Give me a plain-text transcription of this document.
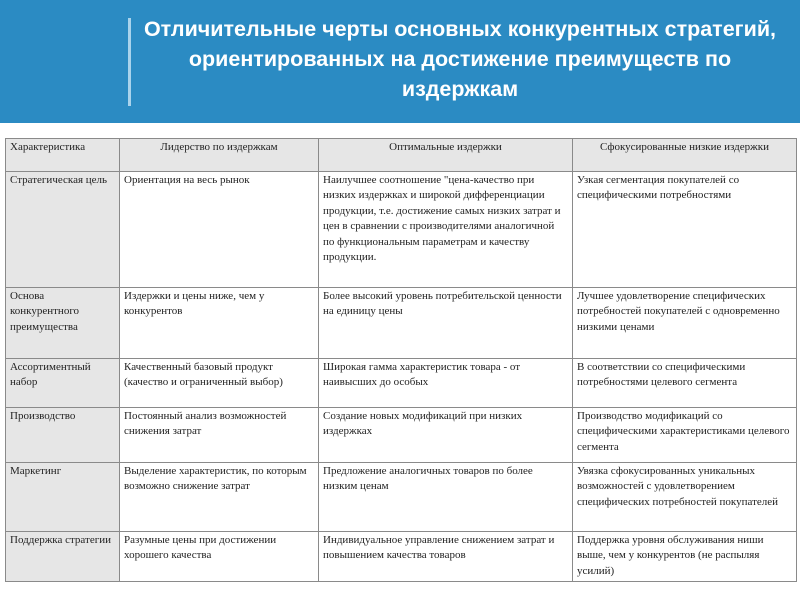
Отличительные черты основных конкурентных стратегий, ориентированных на достижение преимуществ по издержкам
Характеристика	Лидерство по издержкам	Оптимальные издержки	Сфокусированные низкие издержки
Стратегическая цель	Ориентация на весь рынок	Наилучшее соотношение "цена-качество при низких издержках и широкой дифференциации продукции, т.е. достижение самых низких затрат и цен в сравнении с производителями аналогичной по функциональным параметрам и качеству продукции.	Узкая сегментация покупателей со специфическими потребностями
Основа конкурентного преимущества	Издержки и цены ниже, чем у конкурентов	Более высокий уровень потребительской ценности на единицу цены	Лучшее удовлетворение специфических потребностей покупателей с одновременно низкими ценами
Ассортиментный набор	Качественный базовый продукт (качество и ограниченный выбор)	Широкая гамма характеристик товара - от наивысших до особых	В соответствии со специфическими потребностями целевого сегмента
Производство	Постоянный анализ возможностей снижения затрат	Создание новых модификаций при низких издержках	Производство модификаций со специфическими характеристиками целевого сегмента
Маркетинг	Выделение характеристик, по которым возможно снижение затрат	Предложение аналогичных товаров по более низким ценам	Увязка сфокусированных уникальных возможностей с удовлетворением специфических потребностей покупателей
Поддержка стратегии	Разумные цены при достижении хорошего качества	Индивидуальное управление снижением затрат и повышением качества товаров	Поддержка уровня обслуживания ниши выше, чем у конкурентов (не распыляя усилий)
